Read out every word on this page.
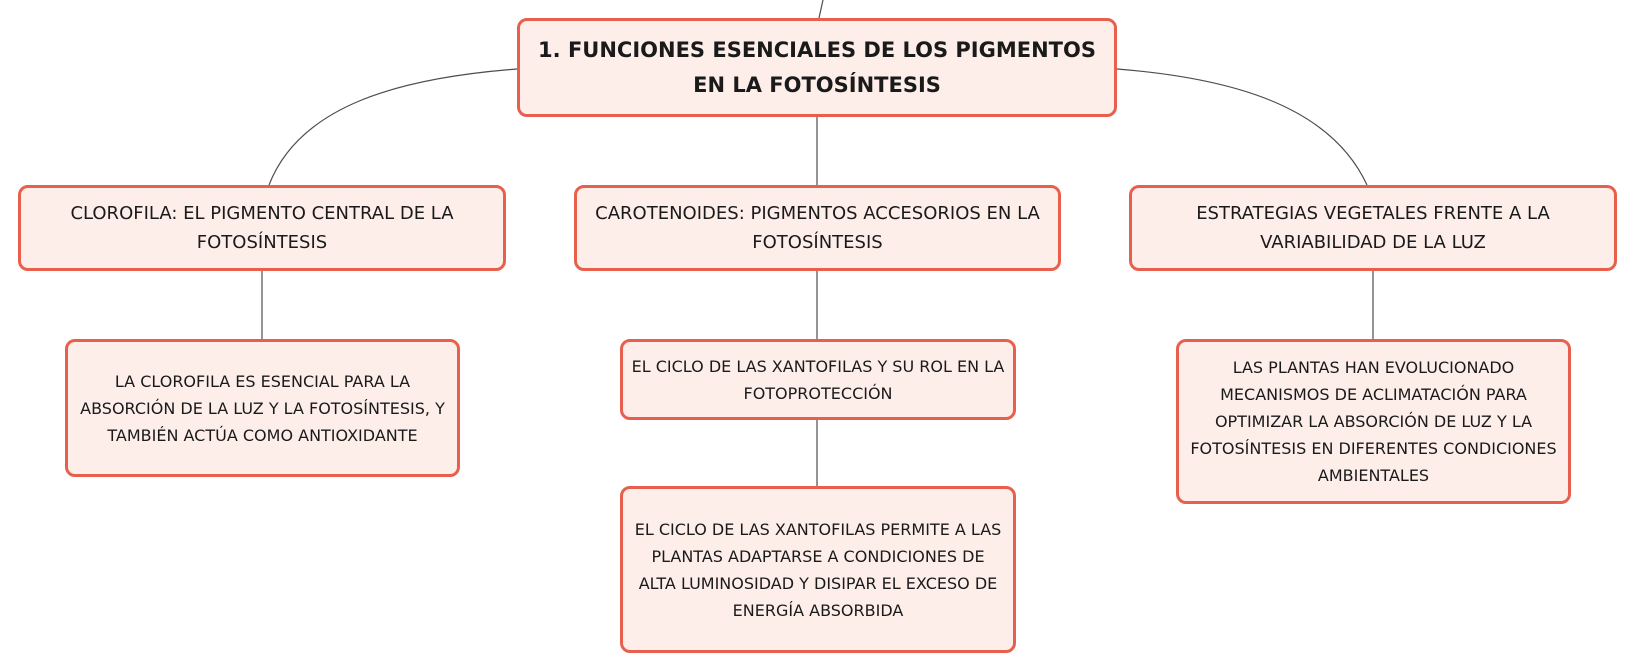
1. FUNCIONES ESENCIALES DE LOS PIGMENTOS EN LA FOTOSÍNTESIS
CLOROFILA: EL PIGMENTO CENTRAL DE LA FOTOSÍNTESIS
CAROTENOIDES: PIGMENTOS ACCESORIOS EN LA FOTOSÍNTESIS
ESTRATEGIAS VEGETALES FRENTE A LA VARIABILIDAD DE LA LUZ
LA CLOROFILA ES ESENCIAL PARA LA ABSORCIÓN DE LA LUZ Y LA FOTOSÍNTESIS, Y TAMBIÉN ACTÚA COMO ANTIOXIDANTE
EL CICLO DE LAS XANTOFILAS Y SU ROL EN LA FOTOPROTECCIÓN
EL CICLO DE LAS XANTOFILAS PERMITE A LAS PLANTAS ADAPTARSE A CONDICIONES DE ALTA LUMINOSIDAD Y DISIPAR EL EXCESO DE ENERGÍA ABSORBIDA
LAS PLANTAS HAN EVOLUCIONADO MECANISMOS DE ACLIMATACIÓN PARA OPTIMIZAR LA ABSORCIÓN DE LUZ Y LA FOTOSÍNTESIS EN DIFERENTES CONDICIONES AMBIENTALES
